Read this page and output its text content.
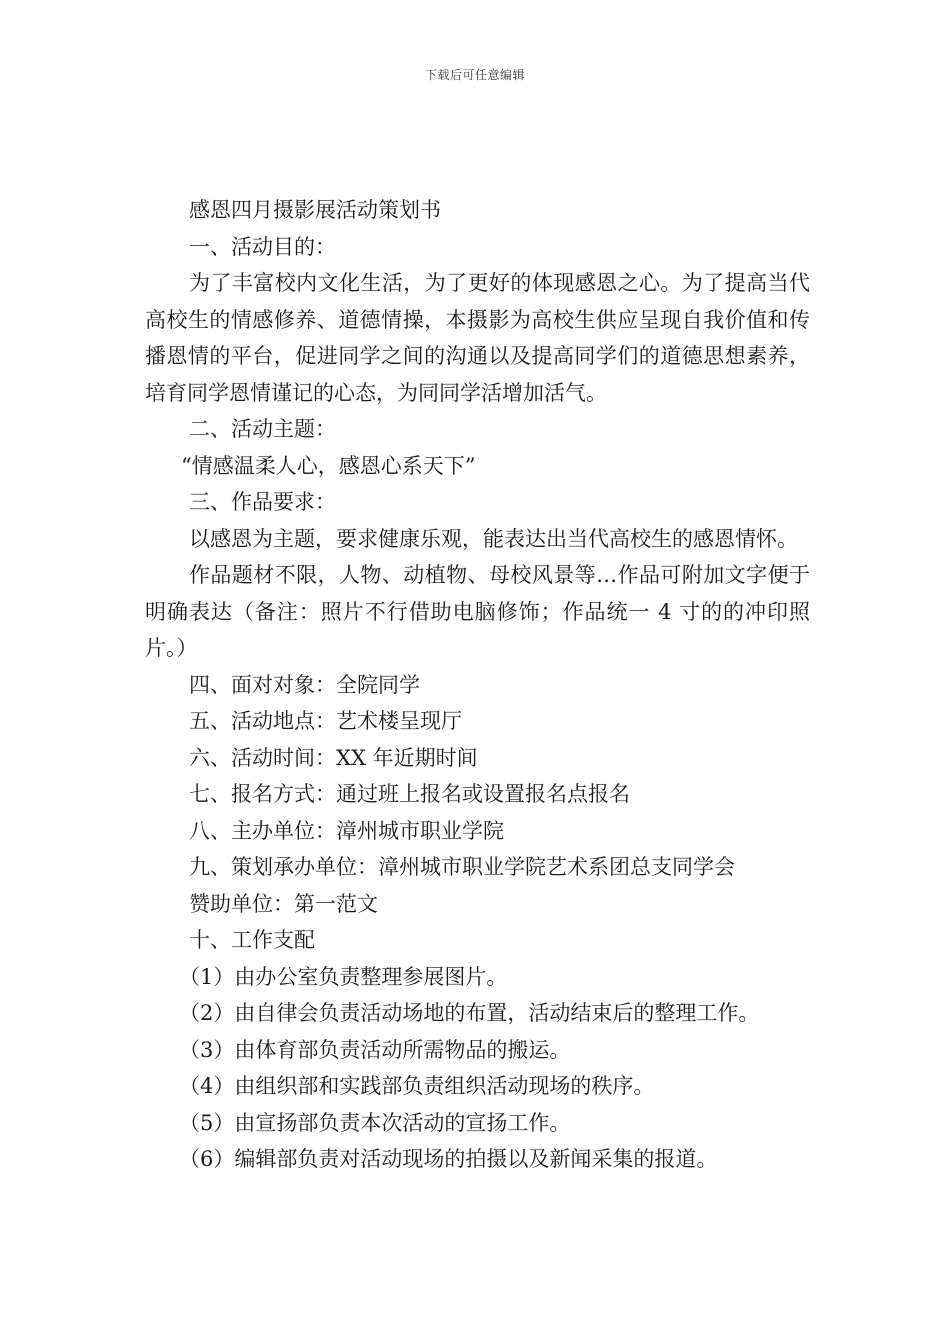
下载后可任意编辑

感恩四月摄影展活动策划书

一、活动目的：

为了丰富校内文化生活，为了更好的体现感恩之心。为了提高当代高校生的情感修养、道德情操，本摄影为高校生供应呈现自我价值和传播恩情的平台，促进同学之间的沟通以及提高同学们的道德思想素养，培育同学恩情谨记的心态，为同同学活增加活气。

二、活动主题：

“情感温柔人心，感恩心系天下”

三、作品要求：

以感恩为主题，要求健康乐观，能表达出当代高校生的感恩情怀。

作品题材不限，人物、动植物、母校风景等…作品可附加文字便于明确表达（备注：照片不行借助电脑修饰；作品统一 4 寸的的冲印照片。）

四、面对对象：全院同学

五、活动地点：艺术楼呈现厅

六、活动时间：XX 年近期时间

七、报名方式：通过班上报名或设置报名点报名

八、主办单位：漳州城市职业学院

九、策划承办单位：漳州城市职业学院艺术系团总支同学会

赞助单位：第一范文

十、工作支配

（1）由办公室负责整理参展图片。

（2）由自律会负责活动场地的布置，活动结束后的整理工作。

（3）由体育部负责活动所需物品的搬运。

（4）由组织部和实践部负责组织活动现场的秩序。

（5）由宣扬部负责本次活动的宣扬工作。

（6）编辑部负责对活动现场的拍摄以及新闻采集的报道。
